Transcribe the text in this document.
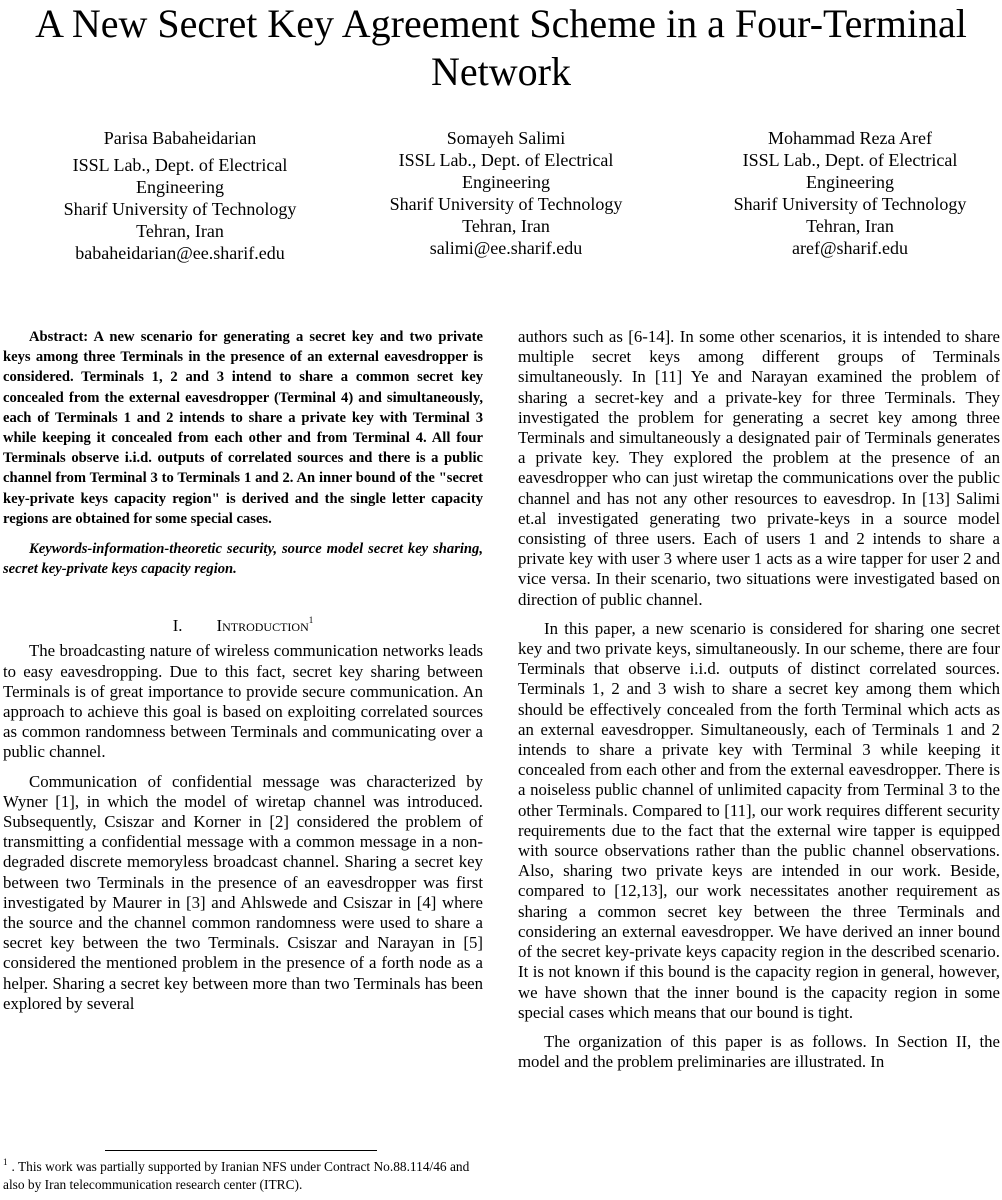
A New Secret Key Agreement Scheme in a Four-Terminal Network
Parisa Babaheidarian
ISSL Lab., Dept. of Electrical
Engineering
Sharif University of Technology
Tehran, Iran
babaheidarian@ee.sharif.edu
Somayeh Salimi
ISSL Lab., Dept. of Electrical
Engineering
Sharif University of Technology
Tehran, Iran
salimi@ee.sharif.edu
Mohammad Reza Aref
ISSL Lab., Dept. of Electrical
Engineering
Sharif University of Technology
Tehran, Iran
aref@sharif.edu

Abstract: A new scenario for generating a secret key and two private keys among three Terminals in the presence of an external eavesdropper is considered. Terminals 1, 2 and 3 intend to share a common secret key concealed from the external eavesdropper (Terminal 4) and simultaneously, each of Terminals 1 and 2 intends to share a private key with Terminal 3 while keeping it concealed from each other and from Terminal 4. All four Terminals observe i.i.d. outputs of correlated sources and there is a public channel from Terminal 3 to Terminals 1 and 2. An inner bound of the "secret key-private keys capacity region" is derived and the single letter capacity regions are obtained for some special cases.

Keywords-information-theoretic security, source model secret key sharing, secret key-private keys capacity region.

I. Introduction$^1$

The broadcasting nature of wireless communication networks leads to easy eavesdropping. Due to this fact, secret key sharing between Terminals is of great importance to provide secure communication. An approach to achieve this goal is based on exploiting correlated sources as common randomness between Terminals and communicating over a public channel.

Communication of confidential message was characterized by Wyner [1], in which the model of wiretap channel was introduced. Subsequently, Csiszar and Korner in [2] considered the problem of transmitting a confidential message with a common message in a non-degraded discrete memoryless broadcast channel. Sharing a secret key between two Terminals in the presence of an eavesdropper was first investigated by Maurer in [3] and Ahlswede and Csiszar in [4] where the source and the channel common randomness were used to share a secret key between the two Terminals. Csiszar and Narayan in [5] considered the mentioned problem in the presence of a forth node as a helper. Sharing a secret key between more than two Terminals has been explored by several

authors such as [6-14]. In some other scenarios, it is intended to share multiple secret keys among different groups of Terminals simultaneously. In [11] Ye and Narayan examined the problem of sharing a secret-key and a private-key for three Terminals. They investigated the problem for generating a secret key among three Terminals and simultaneously a designated pair of Terminals generates a private key. They explored the problem at the presence of an eavesdropper who can just wiretap the communications over the public channel and has not any other resources to eavesdrop. In [13] Salimi et.al investigated generating two private-keys in a source model consisting of three users. Each of users 1 and 2 intends to share a private key with user 3 where user 1 acts as a wire tapper for user 2 and vice versa. In their scenario, two situations were investigated based on direction of public channel.

In this paper, a new scenario is considered for sharing one secret key and two private keys, simultaneously. In our scheme, there are four Terminals that observe i.i.d. outputs of distinct correlated sources. Terminals 1, 2 and 3 wish to share a secret key among them which should be effectively concealed from the forth Terminal which acts as an external eavesdropper. Simultaneously, each of Terminals 1 and 2 intends to share a private key with Terminal 3 while keeping it concealed from each other and from the external eavesdropper. There is a noiseless public channel of unlimited capacity from Terminal 3 to the other Terminals. Compared to [11], our work requires different security requirements due to the fact that the external wire tapper is equipped with source observations rather than the public channel observations. Also, sharing two private keys are intended in our work. Beside, compared to [12,13], our work necessitates another requirement as sharing a common secret key between the three Terminals and considering an external eavesdropper. We have derived an inner bound of the secret key-private keys capacity region in the described scenario. It is not known if this bound is the capacity region in general, however, we have shown that the inner bound is the capacity region in some special cases which means that our bound is tight.

The organization of this paper is as follows. In Section II, the model and the problem preliminaries are illustrated. In

$^1$ . This work was partially supported by Iranian NFS under Contract No.88.114/46 and also by Iran telecommunication research center (ITRC).
